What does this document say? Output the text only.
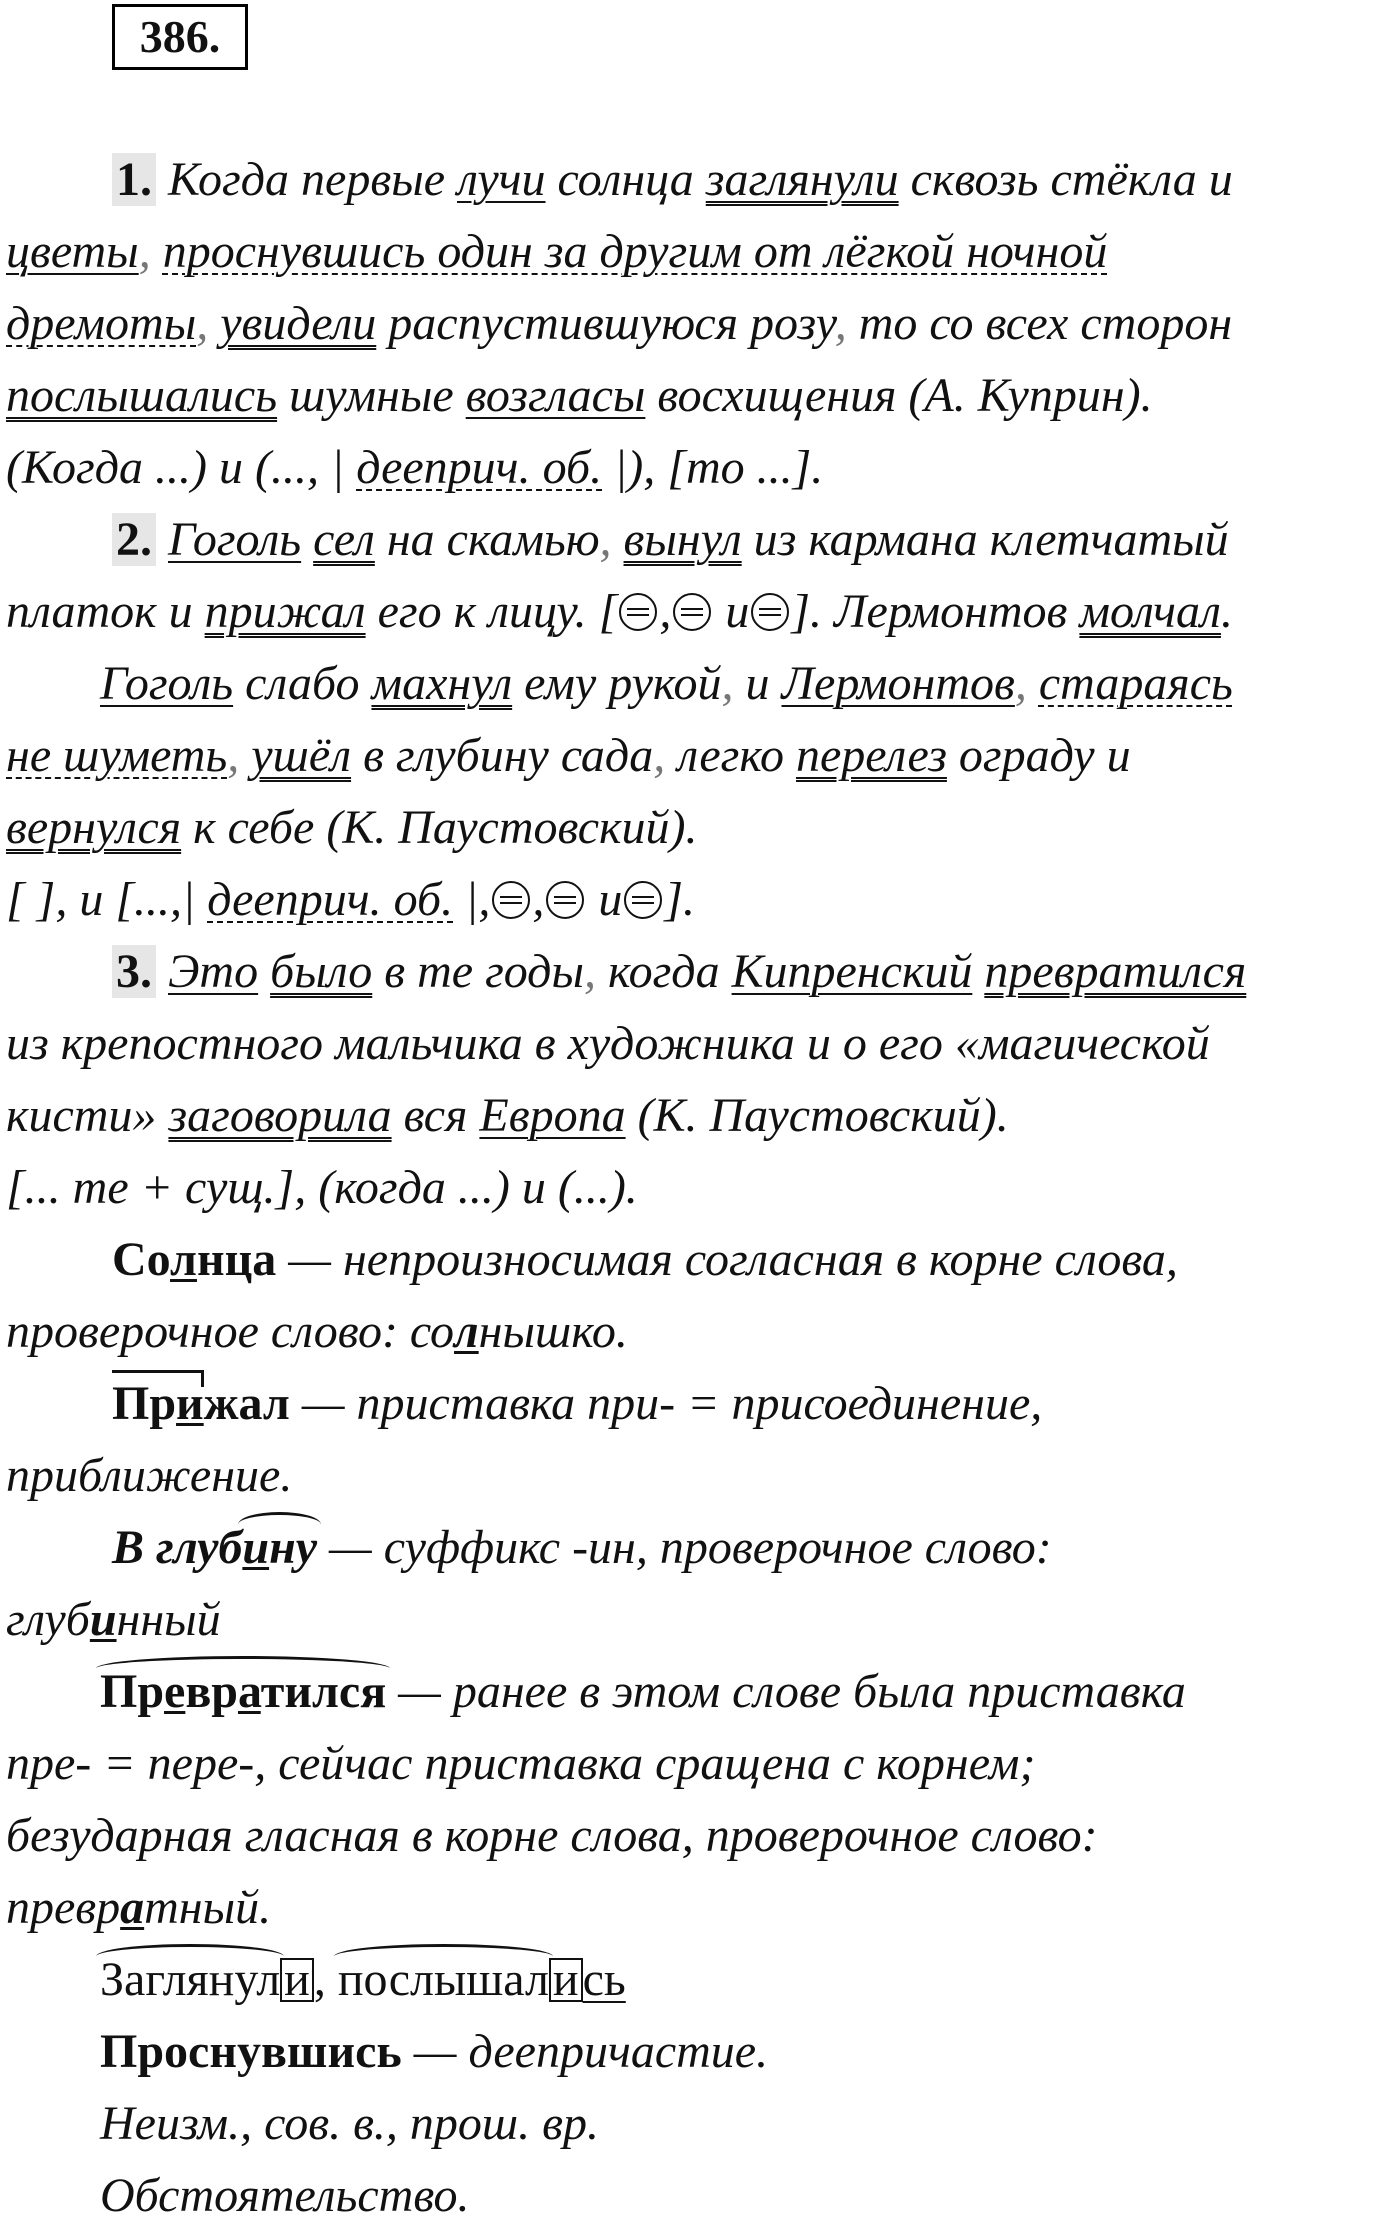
386.
1. Когда первые лучи солнца заглянули сквозь стёкла и
цветы, проснувшись один за другим от лёгкой ночной
дремоты, увидели распустившуюся розу, то со всех сторон
послышались шумные возгласы восхищения (А. Куприн).
(Когда ...) и (..., | дееприч. об. |), [то ...].
2. Гоголь сел на скамью, вынул из кармана клетчатый
платок и прижал его к лицу. [ , и ]. Лермонтов молчал.
Гоголь слабо махнул ему рукой, и Лермонтов, стараясь
не шуметь, ушёл в глубину сада, легко перелез ограду и
вернулся к себе (К. Паустовский).
[ ], и [...,| дееприч. об. |, , и ].
3. Это было в те годы, когда Кипренский превратился
из крепостного мальчика в художника и о его «магической
кисти» заговорила вся Европа (К. Паустовский).
[... те + сущ.], (когда ...) и (...).
Солнца — непроизносимая согласная в корне слова,
проверочное слово: солнышко.
Прижал — приставка при- = присоединение,
приближение.
В глубину — суффикс -ин, проверочное слово:
глубинный
Превратился — ранее в этом слове была приставка
пре- = пере-, сейчас приставка сращена с корнем;
безударная гласная в корне слова, проверочное слово:
превратный.
Заглянули, послышались
Проснувшись — деепричастие.
Неизм., сов. в., прош. вр.
Обстоятельство.
